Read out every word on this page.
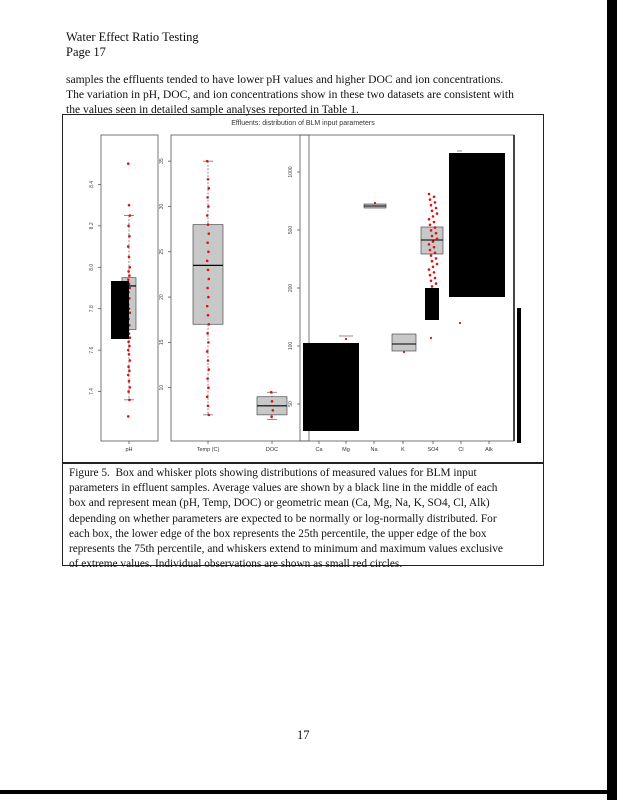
Water Effect Ratio Testing
Page 17

samples the effluents tended to have lower pH values and higher DOC and ion concentrations.

The variation in pH, DOC, and ion concentrations show in these two datasets are consistent with

the values seen in detailed sample analyses reported in Table 1.

Effluents: distribution of BLM input parameters
7.4
7.6
7.8
8.0
8.2
8.4
pH
10
15
20
25
30
35
Temp (C)	DOC
50
100
200
500
1000
Ca	Mg	Na	K	SO4	Cl	Alk

Figure 5. Box and whisker plots showing distributions of measured values for BLM input

parameters in effluent samples. Average values are shown by a black line in the middle of each

box and represent mean (pH, Temp, DOC) or geometric mean (Ca, Mg, Na, K, SO4, Cl, Alk)

depending on whether parameters are expected to be normally or log-normally distributed. For

each box, the lower edge of the box represents the 25th percentile, the upper edge of the box

represents the 75th percentile, and whiskers extend to minimum and maximum values exclusive

of extreme values. Individual observations are shown as small red circles.

17
